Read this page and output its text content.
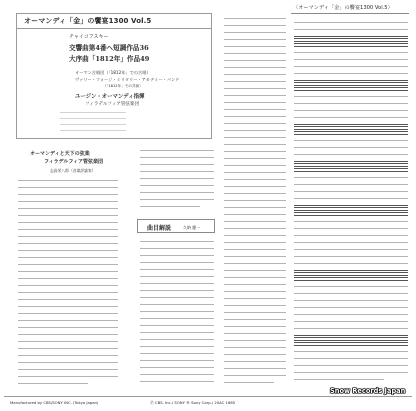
オーマンディ「金」の饗宴1300 Vol.5
チャイコフスキー
交響曲第4番ヘ短調作品36
大序曲「1812年」作品49
オーマン合唱団（「1812年」での合唱）
ヴァリー・フォージ・ミリタリー・アカデミー・バンド
（「1812年」での共演）
ユージン・オーマンディ指揮
フィラデルフィア管弦楽団
〈オーマンディ「金」の饗宴1300 Vol.5〉
オーマンディと天下の弦楽
フィラデルフィア管弦楽団
志鳥栄八郎（音楽評論家）
曲目解説	久納 慶一
Manufactured by CBS/SONY INC. (Tokyo Japan)	Ⓟ CBS. Inc./ SONY ® Sony Corp./ 20AC 1865
Snow Records Japan
